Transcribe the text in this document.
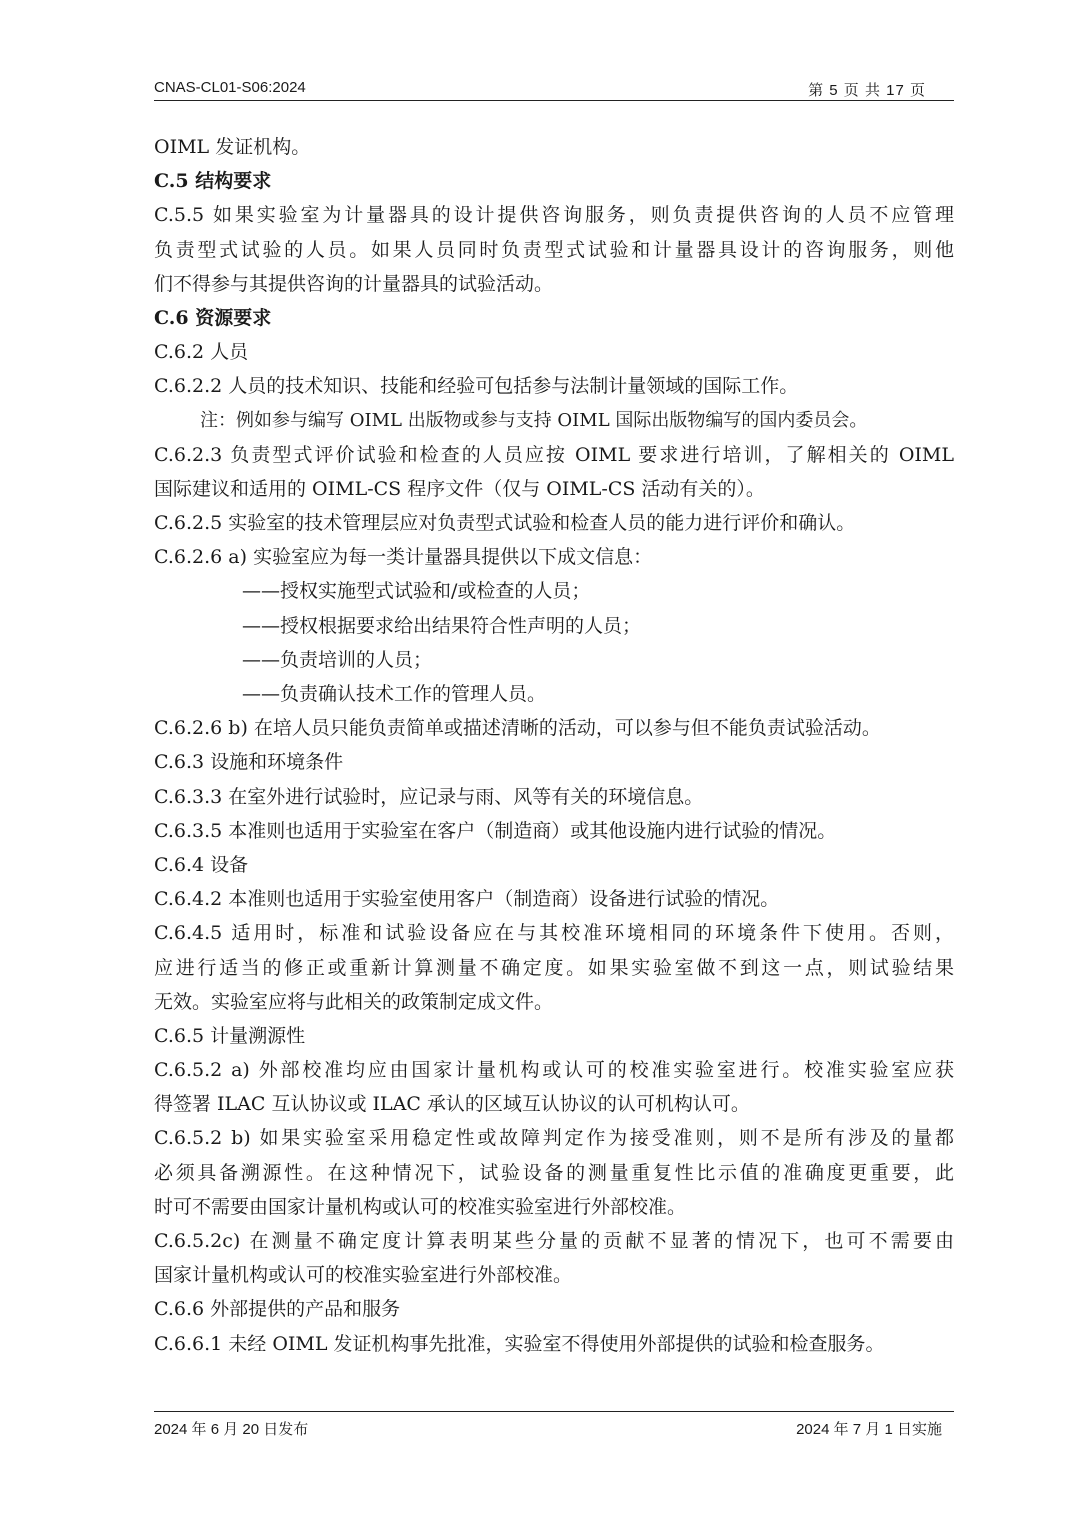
CNAS-CL01-S06:2024	第 5 页 共 17 页
OIML 发证机构。
C.5 结构要求
C.5.5 如果实验室为计量器具的设计提供咨询服务，则负责提供咨询的人员不应管理
负责型式试验的人员。如果人员同时负责型式试验和计量器具设计的咨询服务，则他
们不得参与其提供咨询的计量器具的试验活动。
C.6 资源要求
C.6.2 人员
C.6.2.2 人员的技术知识、技能和经验可包括参与法制计量领域的国际工作。
注：例如参与编写 OIML 出版物或参与支持 OIML 国际出版物编写的国内委员会。
C.6.2.3 负责型式评价试验和检查的人员应按 OIML 要求进行培训，了解相关的 OIML
国际建议和适用的 OIML-CS 程序文件（仅与 OIML-CS 活动有关的）。
C.6.2.5 实验室的技术管理层应对负责型式试验和检查人员的能力进行评价和确认。
C.6.2.6 a) 实验室应为每一类计量器具提供以下成文信息：
——授权实施型式试验和/或检查的人员；
——授权根据要求给出结果符合性声明的人员；
——负责培训的人员；
——负责确认技术工作的管理人员。
C.6.2.6 b) 在培人员只能负责简单或描述清晰的活动，可以参与但不能负责试验活动。
C.6.3 设施和环境条件
C.6.3.3 在室外进行试验时，应记录与雨、风等有关的环境信息。
C.6.3.5 本准则也适用于实验室在客户（制造商）或其他设施内进行试验的情况。
C.6.4 设备
C.6.4.2 本准则也适用于实验室使用客户（制造商）设备进行试验的情况。
C.6.4.5 适用时，标准和试验设备应在与其校准环境相同的环境条件下使用。否则，
应进行适当的修正或重新计算测量不确定度。如果实验室做不到这一点，则试验结果
无效。实验室应将与此相关的政策制定成文件。
C.6.5 计量溯源性
C.6.5.2 a) 外部校准均应由国家计量机构或认可的校准实验室进行。校准实验室应获
得签署 ILAC 互认协议或 ILAC 承认的区域互认协议的认可机构认可。
C.6.5.2 b) 如果实验室采用稳定性或故障判定作为接受准则，则不是所有涉及的量都
必须具备溯源性。在这种情况下，试验设备的测量重复性比示值的准确度更重要，此
时可不需要由国家计量机构或认可的校准实验室进行外部校准。
C.6.5.2c) 在测量不确定度计算表明某些分量的贡献不显著的情况下，也可不需要由
国家计量机构或认可的校准实验室进行外部校准。
C.6.6 外部提供的产品和服务
C.6.6.1 未经 OIML 发证机构事先批准，实验室不得使用外部提供的试验和检查服务。
2024 年 6 月 20 日发布	2024 年 7 月 1 日实施
